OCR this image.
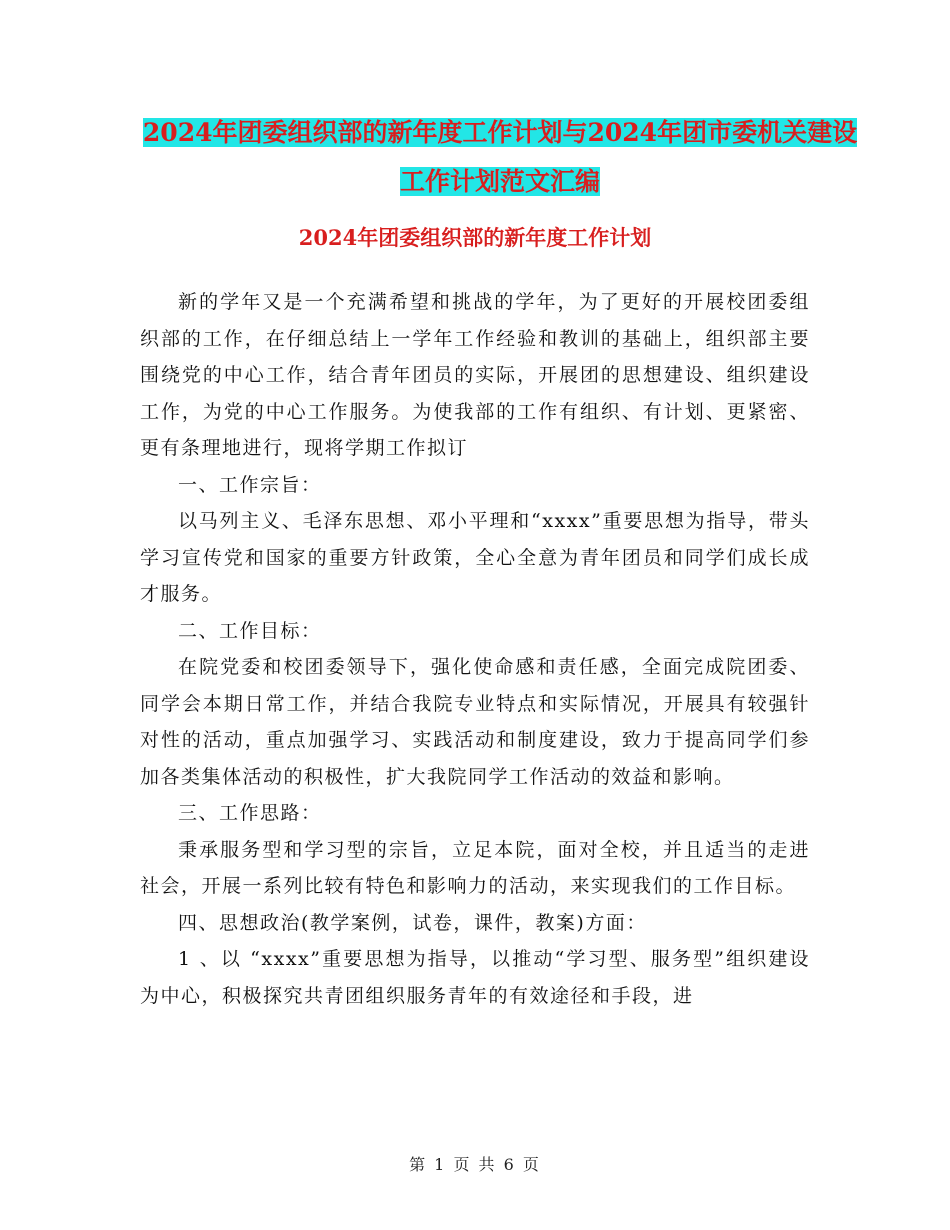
2024年团委组织部的新年度工作计划与2024年团市委机关建设工作计划范文汇编
2024年团委组织部的新年度工作计划

新的学年又是一个充满希望和挑战的学年，为了更好的开展校团委组织部的工作，在仔细总结上一学年工作经验和教训的基础上，组织部主要围绕党的中心工作，结合青年团员的实际，开展团的思想建设、组织建设工作，为党的中心工作服务。为使我部的工作有组织、有计划、更紧密、更有条理地进行，现将学期工作拟订

一、工作宗旨：

以马列主义、毛泽东思想、邓小平理和“xxxx”重要思想为指导，带头学习宣传党和国家的重要方针政策，全心全意为青年团员和同学们成长成才服务。

二、工作目标：

在院党委和校团委领导下，强化使命感和责任感，全面完成院团委、同学会本期日常工作，并结合我院专业特点和实际情况，开展具有较强针对性的活动，重点加强学习、实践活动和制度建设，致力于提高同学们参加各类集体活动的积极性，扩大我院同学工作活动的效益和影响。

三、工作思路：

秉承服务型和学习型的宗旨，立足本院，面对全校，并且适当的走进社会，开展一系列比较有特色和影响力的活动，来实现我们的工作目标。

四、思想政治(教学案例，试卷，课件，教案)方面：

1 、以 “xxxx”重要思想为指导，以推动“学习型、服务型”组织建设为中心，积极探究共青团组织服务青年的有效途径和手段，进

第 1 页 共 6 页
